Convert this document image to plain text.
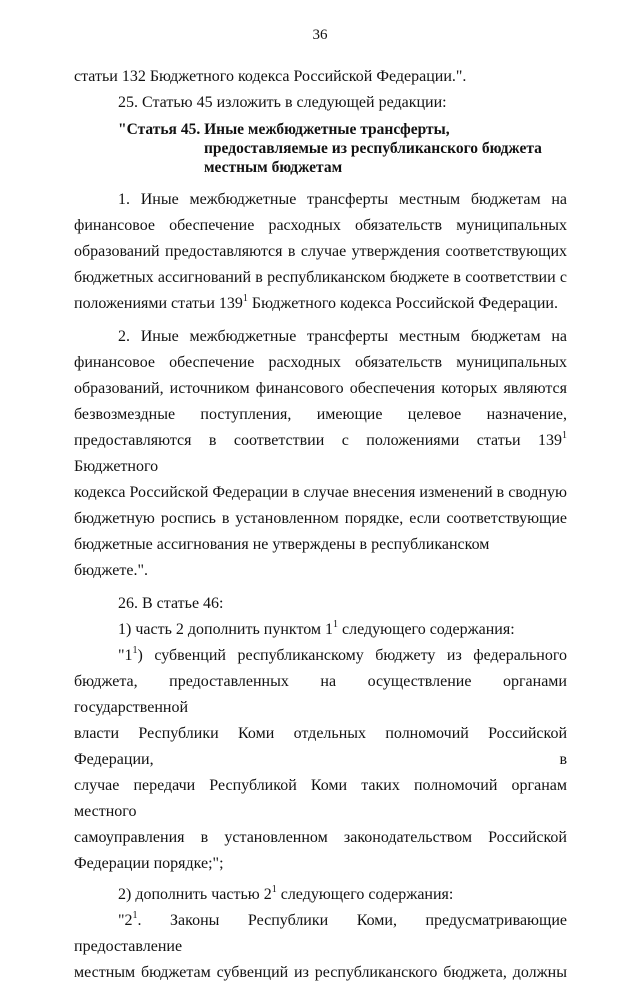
36

статьи 132 Бюджетного кодекса Российской Федерации.".

25. Статью 45 изложить в следующей редакции:

"Статья 45. Иные межбюджетные трансферты,
предоставляемые из республиканского бюджета
местным бюджетам

1. Иные межбюджетные трансферты местным бюджетам на

финансовое обеспечение расходных обязательств муниципальных

образований предоставляются в случае утверждения соответствующих

бюджетных ассигнований в республиканском бюджете в соответствии с

положениями статьи $139^1$ Бюджетного кодекса Российской Федерации.

2. Иные межбюджетные трансферты местным бюджетам на

финансовое обеспечение расходных обязательств муниципальных

образований, источником финансового обеспечения которых являются

безвозмездные поступления, имеющие целевое назначение,

предоставляются в соответствии с положениями статьи $139^1$ Бюджетного

кодекса Российской Федерации в случае внесения изменений в сводную

бюджетную роспись в установленном порядке, если соответствующие

бюджетные ассигнования не утверждены в республиканском бюджете.".

26. В статье 46:

1) часть 2 дополнить пунктом $1^1$ следующего содержания:

"$1^1$) субвенций республиканскому бюджету из федерального

бюджета, предоставленных на осуществление органами государственной

власти Республики Коми отдельных полномочий Российской Федерации, в

случае передачи Республикой Коми таких полномочий органам местного

самоуправления в установленном законодательством Российской

Федерации порядке;";

2) дополнить частью $2^1$ следующего содержания:

"$2^1$. Законы Республики Коми, предусматривающие предоставление

местным бюджетам субвенций из республиканского бюджета, должны
